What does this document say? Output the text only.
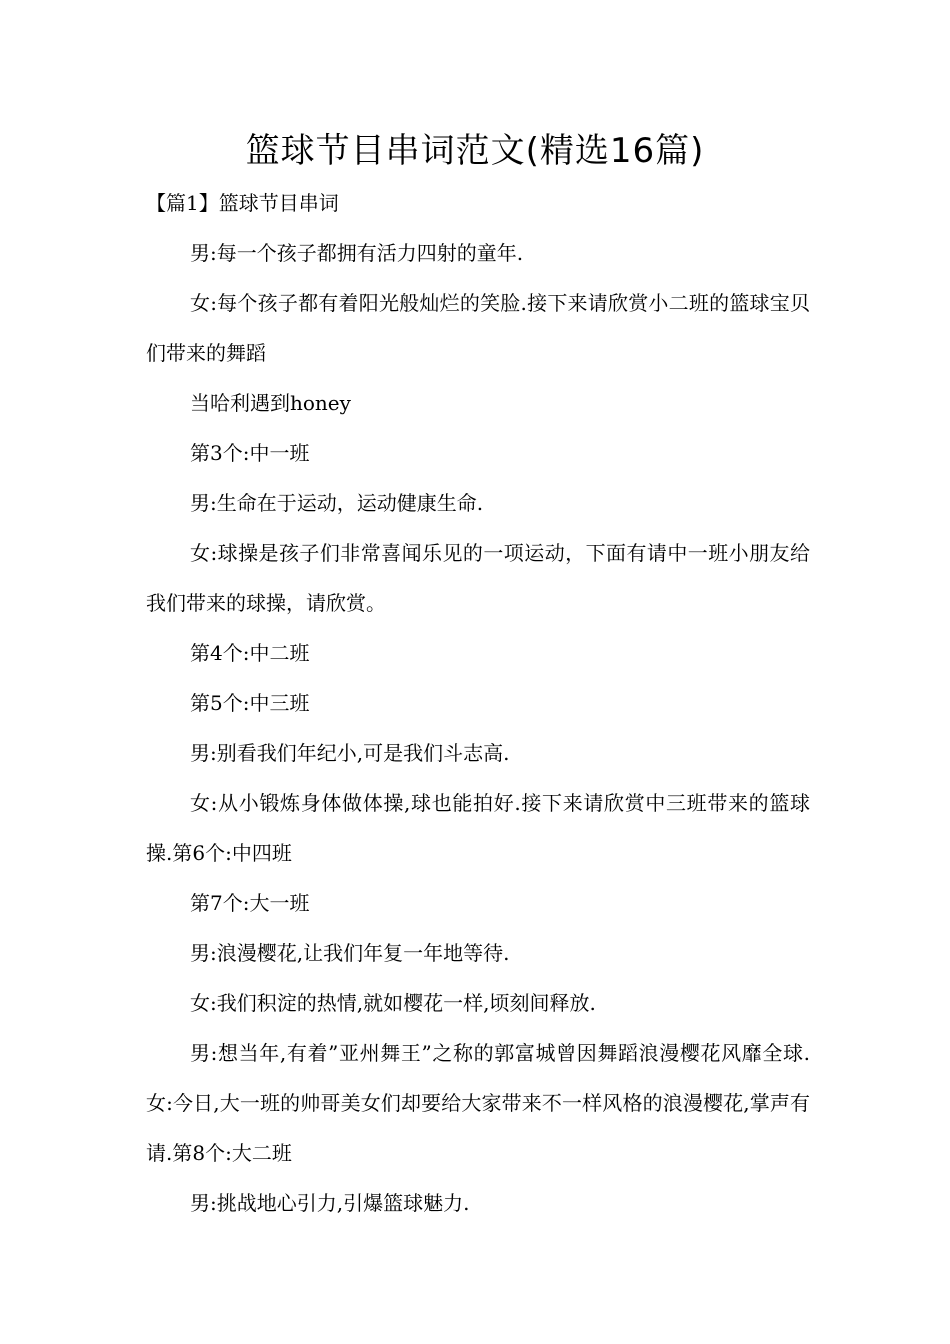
篮球节目串词范文(精选16篇)

【篇1】篮球节目串词

男:每一个孩子都拥有活力四射的童年.

女:每个孩子都有着阳光般灿烂的笑脸.接下来请欣赏小二班的篮球宝贝们带来的舞蹈

当哈利遇到honey

第3个:中一班

男:生命在于运动，运动健康生命.

女:球操是孩子们非常喜闻乐见的一项运动，下面有请中一班小朋友给我们带来的球操，请欣赏。

第4个:中二班

第5个:中三班

男:别看我们年纪小,可是我们斗志高.

女:从小锻炼身体做体操,球也能拍好.接下来请欣赏中三班带来的篮球操.第6个:中四班

第7个:大一班

男:浪漫樱花,让我们年复一年地等待.

女:我们积淀的热情,就如樱花一样,顷刻间释放.

男:想当年,有着”亚州舞王”之称的郭富城曾因舞蹈浪漫樱花风靡全球.女:今日,大一班的帅哥美女们却要给大家带来不一样风格的浪漫樱花,掌声有请.第8个:大二班

男:挑战地心引力,引爆篮球魅力.
